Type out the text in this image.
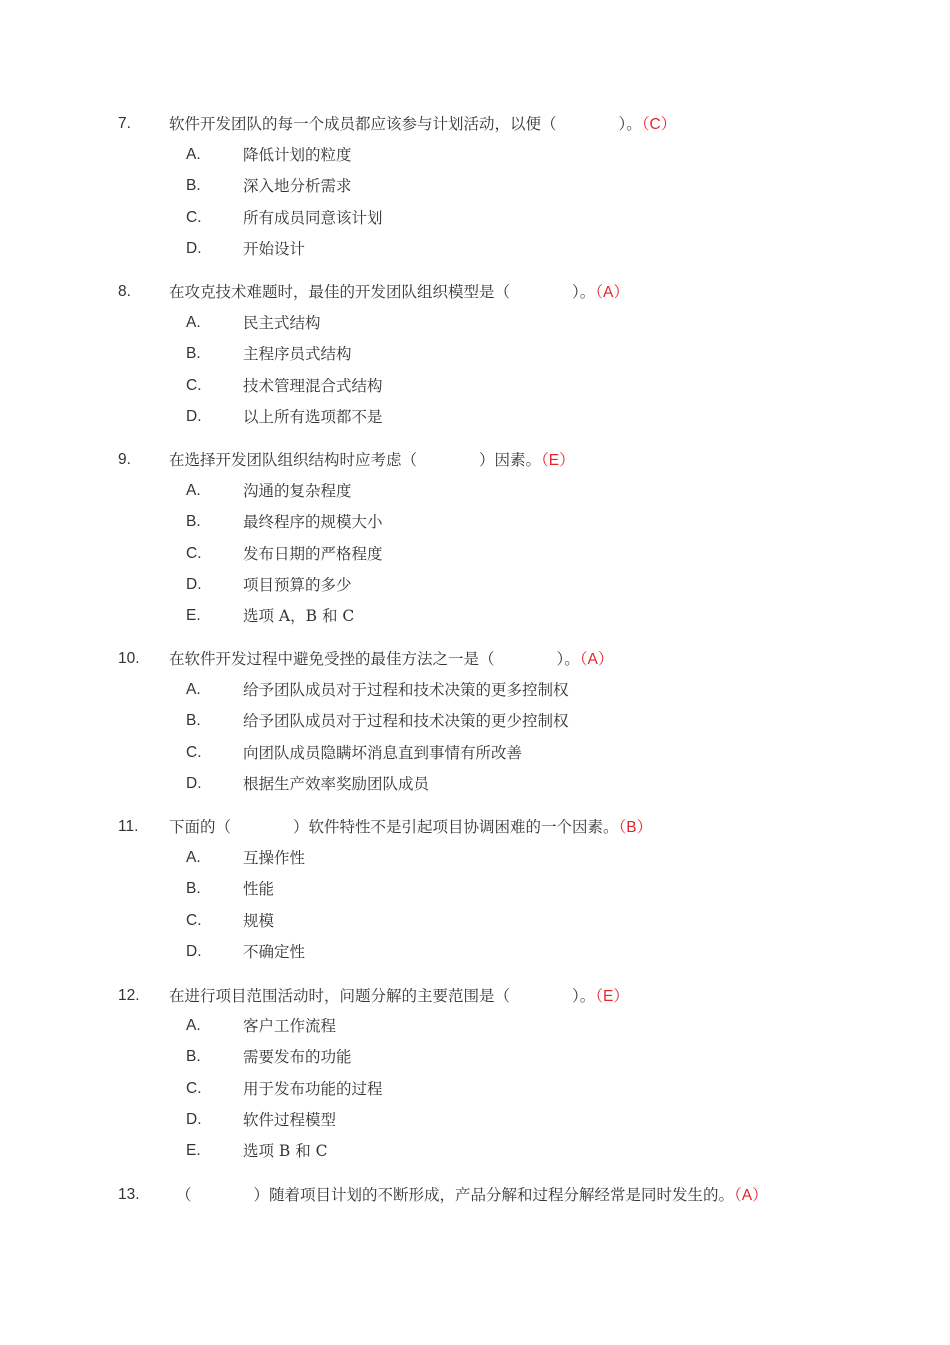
7. 软件开发团队的每一个成员都应该参与计划活动，以便（　　　　）。（C）
A.	降低计划的粒度
B.	深入地分析需求
C.	所有成员同意该计划
D.	开始设计
8. 在攻克技术难题时，最佳的开发团队组织模型是（　　　　）。（A）
A.	民主式结构
B.	主程序员式结构
C.	技术管理混合式结构
D.	以上所有选项都不是
9. 在选择开发团队组织结构时应考虑（　　　　）因素。（E）
A.	沟通的复杂程度
B.	最终程序的规模大小
C.	发布日期的严格程度
D.	项目预算的多少
E.	选项 A，B 和 C
10. 在软件开发过程中避免受挫的最佳方法之一是（　　　　）。（A）
A.	给予团队成员对于过程和技术决策的更多控制权
B.	给予团队成员对于过程和技术决策的更少控制权
C.	向团队成员隐瞒坏消息直到事情有所改善
D.	根据生产效率奖励团队成员
11. 下面的（　　　　）软件特性不是引起项目协调困难的一个因素。（B）
A.	互操作性
B.	性能
C.	规模
D.	不确定性
12. 在进行项目范围活动时，问题分解的主要范围是（　　　　）。（E）
A.	客户工作流程
B.	需要发布的功能
C.	用于发布功能的过程
D.	软件过程模型
E.	选项 B 和 C
13. （　　　　）随着项目计划的不断形成，产品分解和过程分解经常是同时发生的。（A）
